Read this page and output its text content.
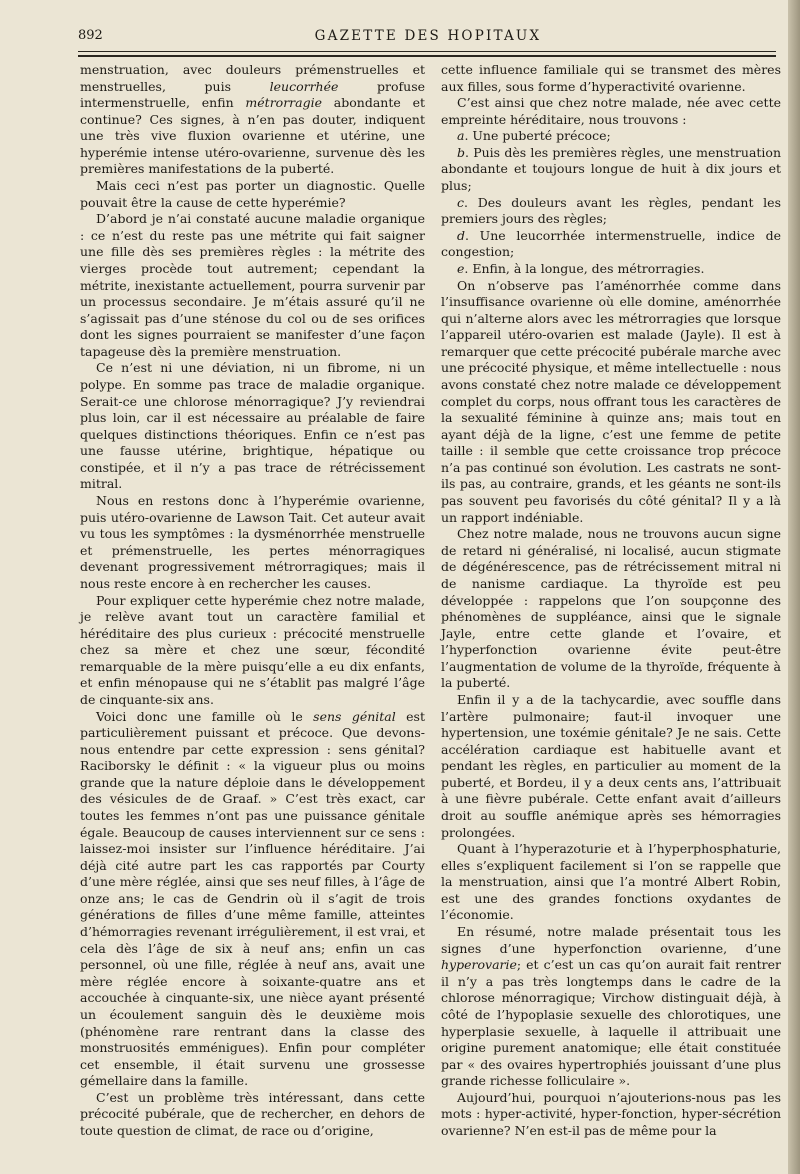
892	GAZETTE DES HOPITAUX

menstruation, avec douleurs prémenstruelles et menstruelles, puis leucorrhée profuse intermenstruelle, enfin métrorragie abondante et continue? Ces signes, à n’en pas douter, indiquent une très vive fluxion ovarienne et utérine, une hyperémie intense utéro-ovarienne, survenue dès les premières manifestations de la puberté.

Mais ceci n’est pas porter un diagnostic. Quelle pouvait être la cause de cette hyperémie?

D’abord je n’ai constaté aucune maladie organique : ce n’est du reste pas une métrite qui fait saigner une fille dès ses premières règles : la métrite des vierges procède tout autrement; cependant la métrite, inexistante actuellement, pourra survenir par un processus secondaire. Je m’étais assuré qu’il ne s’agissait pas d’une sténose du col ou de ses orifices dont les signes pourraient se manifester d’une façon tapageuse dès la première menstruation.

Ce n’est ni une déviation, ni un fibrome, ni un polype. En somme pas trace de maladie organique. Serait-ce une chlorose ménorragique? J’y reviendrai plus loin, car il est nécessaire au préalable de faire quelques distinctions théoriques. Enfin ce n’est pas une fausse utérine, brightique, hépatique ou constipée, et il n’y a pas trace de rétrécissement mitral.

Nous en restons donc à l’hyperémie ovarienne, puis utéro-ovarienne de Lawson Tait. Cet auteur avait vu tous les symptômes : la dysménorrhée menstruelle et prémenstruelle, les pertes ménorragiques devenant progressivement métrorragiques; mais il nous reste encore à en rechercher les causes.

Pour expliquer cette hyperémie chez notre malade, je relève avant tout un caractère familial et héréditaire des plus curieux : précocité menstruelle chez sa mère et chez une sœur, fécondité remarquable de la mère puisqu’elle a eu dix enfants, et enfin ménopause qui ne s’établit pas malgré l’âge de cinquante-six ans.

Voici donc une famille où le sens génital est particulièrement puissant et précoce. Que devons-nous entendre par cette expression : sens génital? Raciborsky le définit : « la vigueur plus ou moins grande que la nature déploie dans le développement des vésicules de de Graaf. » C’est très exact, car toutes les femmes n’ont pas une puissance génitale égale. Beaucoup de causes interviennent sur ce sens : laissez-moi insister sur l’influence héréditaire. J’ai déjà cité autre part les cas rapportés par Courty d’une mère réglée, ainsi que ses neuf filles, à l’âge de onze ans; le cas de Gendrin où il s’agit de trois générations de filles d’une même famille, atteintes d’hémorragies revenant irrégulièrement, il est vrai, et cela dès l’âge de six à neuf ans; enfin un cas personnel, où une fille, réglée à neuf ans, avait une mère réglée encore à soixante-quatre ans et accouchée à cinquante-six, une nièce ayant présenté un écoulement sanguin dès le deuxième mois (phénomène rare rentrant dans la classe des monstruosités emménigues). Enfin pour compléter cet ensemble, il était survenu une grossesse gémellaire dans la famille.

C’est un problème très intéressant, dans cette précocité pubérale, que de rechercher, en dehors de toute question de climat, de race ou d’origine,

cette influence familiale qui se transmet des mères aux filles, sous forme d’hyperactivité ovarienne.

C’est ainsi que chez notre malade, née avec cette empreinte héréditaire, nous trouvons :

a. Une puberté précoce;

b. Puis dès les premières règles, une menstruation abondante et toujours longue de huit à dix jours et plus;

c. Des douleurs avant les règles, pendant les premiers jours des règles;

d. Une leucorrhée intermenstruelle, indice de congestion;

e. Enfin, à la longue, des métrorragies.

On n’observe pas l’aménorrhée comme dans l’insuffisance ovarienne où elle domine, aménorrhée qui n’alterne alors avec les métrorragies que lorsque l’appareil utéro-ovarien est malade (Jayle). Il est à remarquer que cette précocité pubérale marche avec une précocité physique, et même intellectuelle : nous avons constaté chez notre malade ce développement complet du corps, nous offrant tous les caractères de la sexualité féminine à quinze ans; mais tout en ayant déjà de la ligne, c’est une femme de petite taille : il semble que cette croissance trop précoce n’a pas continué son évolution. Les castrats ne sont-ils pas, au contraire, grands, et les géants ne sont-ils pas souvent peu favorisés du côté génital? Il y a là un rapport indéniable.

Chez notre malade, nous ne trouvons aucun signe de retard ni généralisé, ni localisé, aucun stigmate de dégénérescence, pas de rétrécissement mitral ni de nanisme cardiaque. La thyroïde est peu développée : rappelons que l’on soupçonne des phénomènes de suppléance, ainsi que le signale Jayle, entre cette glande et l’ovaire, et l’hyperfonction ovarienne évite peut-être l’augmentation de volume de la thyroïde, fréquente à la puberté.

Enfin il y a de la tachycardie, avec souffle dans l’artère pulmonaire; faut-il invoquer une hypertension, une toxémie génitale? Je ne sais. Cette accélération cardiaque est habituelle avant et pendant les règles, en particulier au moment de la puberté, et Bordeu, il y a deux cents ans, l’attribuait à une fièvre pubérale. Cette enfant avait d’ailleurs droit au souffle anémique après ses hémorragies prolongées.

Quant à l’hyperazoturie et à l’hyperphosphaturie, elles s’expliquent facilement si l’on se rappelle que la menstruation, ainsi que l’a montré Albert Robin, est une des grandes fonctions oxydantes de l’économie.

En résumé, notre malade présentait tous les signes d’une hyperfonction ovarienne, d’une hyperovarie; et c’est un cas qu’on aurait fait rentrer il n’y a pas très longtemps dans le cadre de la chlorose ménorragique; Virchow distinguait déjà, à côté de l’hypoplasie sexuelle des chlorotiques, une hyperplasie sexuelle, à laquelle il attribuait une origine purement anatomique; elle était constituée par « des ovaires hypertrophiés jouissant d’une plus grande richesse folliculaire ».

Aujourd’hui, pourquoi n’ajouterions-nous pas les mots : hyper-activité, hyper-fonction, hyper-sécrétion ovarienne? N’en est-il pas de même pour la
